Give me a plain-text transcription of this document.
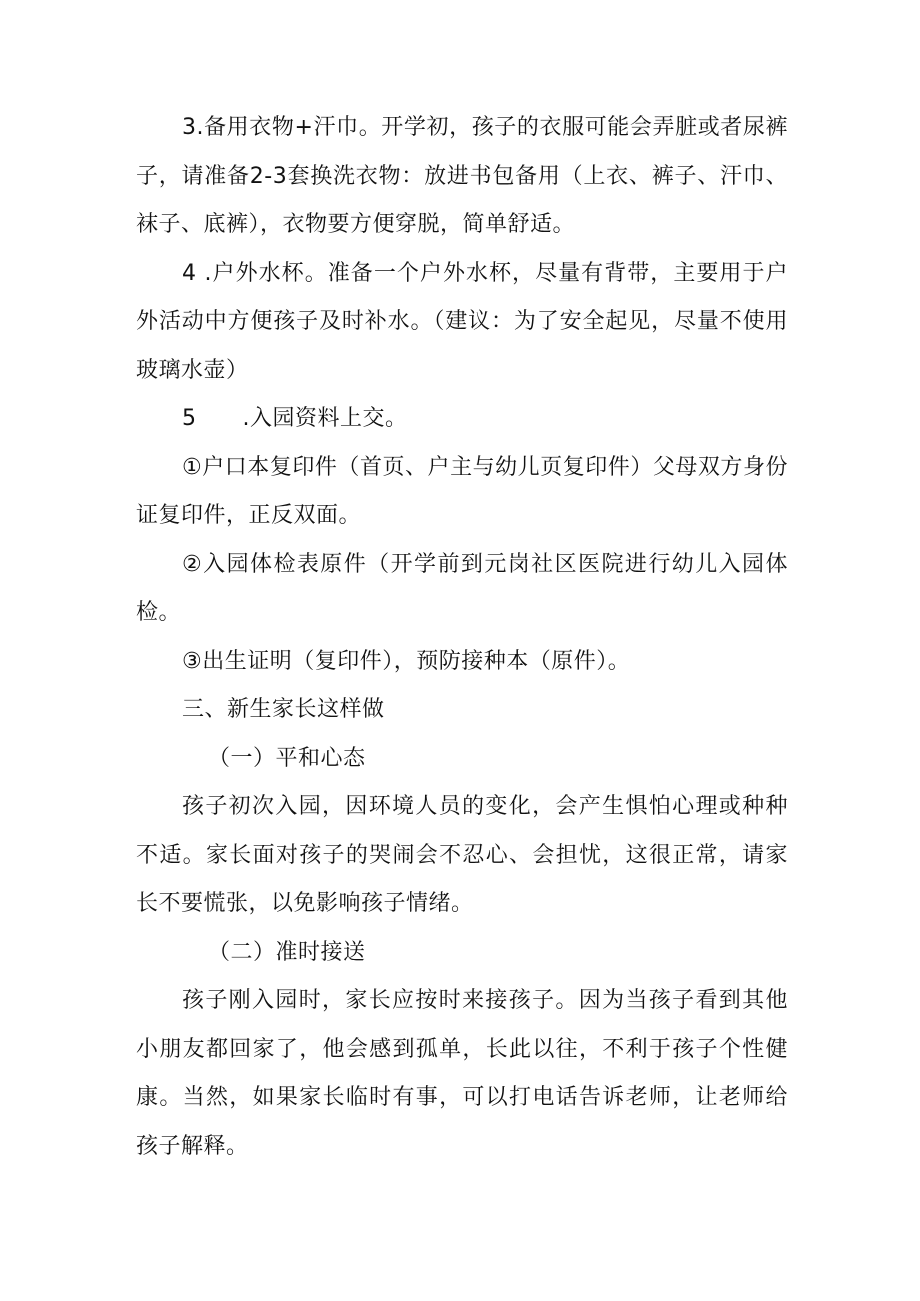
3.备用衣物+汗巾。开学初，孩子的衣服可能会弄脏或者尿裤子，请准备2-3套换洗衣物：放进书包备用（上衣、裤子、汗巾、袜子、底裤），衣物要方便穿脱，简单舒适。

4 .户外水杯。准备一个户外水杯，尽量有背带，主要用于户外活动中方便孩子及时补水。（建议：为了安全起见，尽量不使用玻璃水壶）

5 .入园资料上交。

①户口本复印件（首页、户主与幼儿页复印件）父母双方身份证复印件，正反双面。

②入园体检表原件（开学前到元岗社区医院进行幼儿入园体检。

③出生证明（复印件），预防接种本（原件）。

三、新生家长这样做

（一）平和心态

孩子初次入园，因环境人员的变化，会产生惧怕心理或种种不适。家长面对孩子的哭闹会不忍心、会担忧，这很正常，请家长不要慌张，以免影响孩子情绪。

（二）准时接送

孩子刚入园时，家长应按时来接孩子。因为当孩子看到其他小朋友都回家了，他会感到孤单，长此以往，不利于孩子个性健康。当然，如果家长临时有事，可以打电话告诉老师，让老师给孩子解释。
